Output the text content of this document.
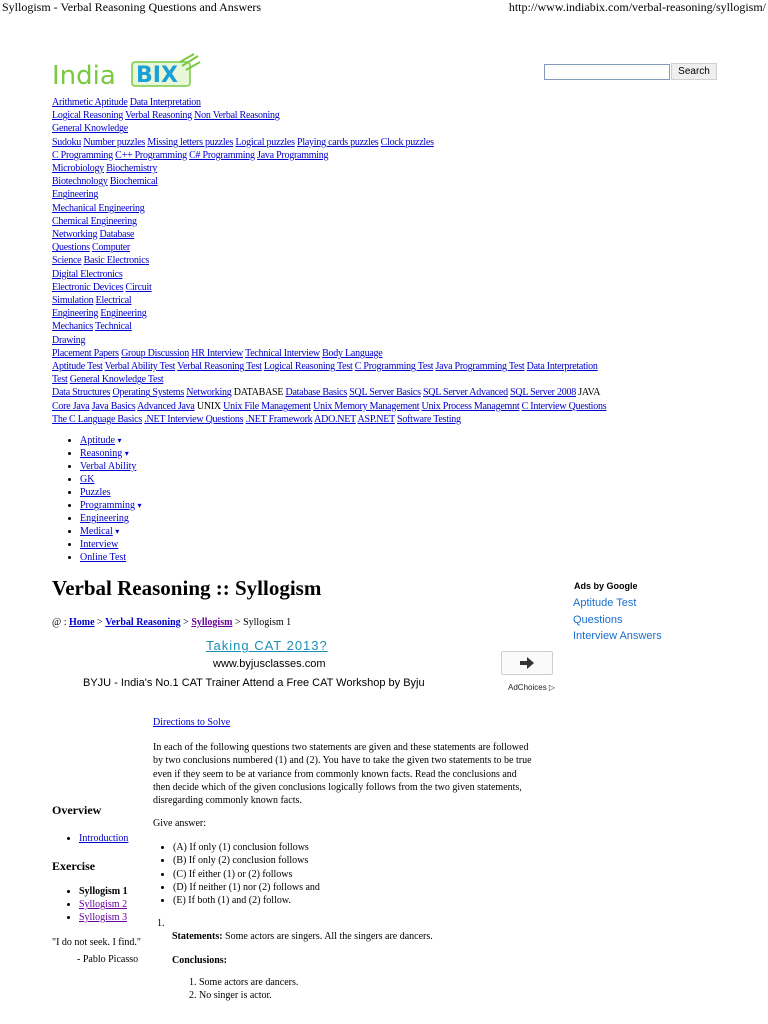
Syllogism - Verbal Reasoning Questions and Answers	http://www.indiabix.com/verbal-reasoning/syllogism/
India BIX	Search
Arithmetic Aptitude Data Interpretation
Logical Reasoning Verbal Reasoning Non Verbal Reasoning
General Knowledge
Sudoku Number puzzles Missing letters puzzles Logical puzzles Playing cards puzzles Clock puzzles
C Programming C++ Programming C# Programming Java Programming
Microbiology Biochemistry
Biotechnology Biochemical
Engineering
Mechanical Engineering
Chemical Engineering
Networking Database
Questions Computer
Science Basic Electronics
Digital Electronics
Electronic Devices Circuit
Simulation Electrical
Engineering Engineering
Mechanics Technical
Drawing
Placement Papers Group Discussion HR Interview Technical Interview Body Language
Aptitude Test Verbal Ability Test Verbal Reasoning Test Logical Reasoning Test C Programming Test Java Programming Test Data Interpretation
Test General Knowledge Test
Data Structures Operating Systems Networking DATABASE Database Basics SQL Server Basics SQL Server Advanced SQL Server 2008 JAVA
Core Java Java Basics Advanced Java UNIX Unix File Management Unix Memory Management Unix Process Managemnt C Interview Questions
The C Language Basics .NET Interview Questions .NET Framework ADO.NET ASP.NET Software Testing
• Aptitude ▾
• Reasoning ▾
• Verbal Ability
• GK
• Puzzles
• Programming ▾
• Engineering
• Medical ▾
• Interview
• Online Test
Verbal Reasoning :: Syllogism
@ : Home > Verbal Reasoning > Syllogism > Syllogism 1
Taking CAT 2013?
www.byjusclasses.com
BYJU - India's No.1 CAT Trainer Attend a Free CAT Workshop by Byju	AdChoices ▷
Ads by Google
Aptitude Test
Questions
Interview Answers
Overview
• Introduction
Exercise
• Syllogism 1
• Syllogism 2
• Syllogism 3
"I do not seek. I find."
- Pablo Picasso
Directions to Solve
In each of the following questions two statements are given and these statements are followed by two conclusions numbered (1) and (2). You have to take the given two statements to be true even if they seem to be at variance from commonly known facts. Read the conclusions and then decide which of the given conclusions logically follows from the two given statements, disregarding commonly known facts.
Give answer:
• (A) If only (1) conclusion follows
• (B) If only (2) conclusion follows
• (C) If either (1) or (2) follows
• (D) If neither (1) nor (2) follows and
• (E) If both (1) and (2) follow.
1.
Statements: Some actors are singers. All the singers are dancers.
Conclusions:
1. Some actors are dancers.
2. No singer is actor.
